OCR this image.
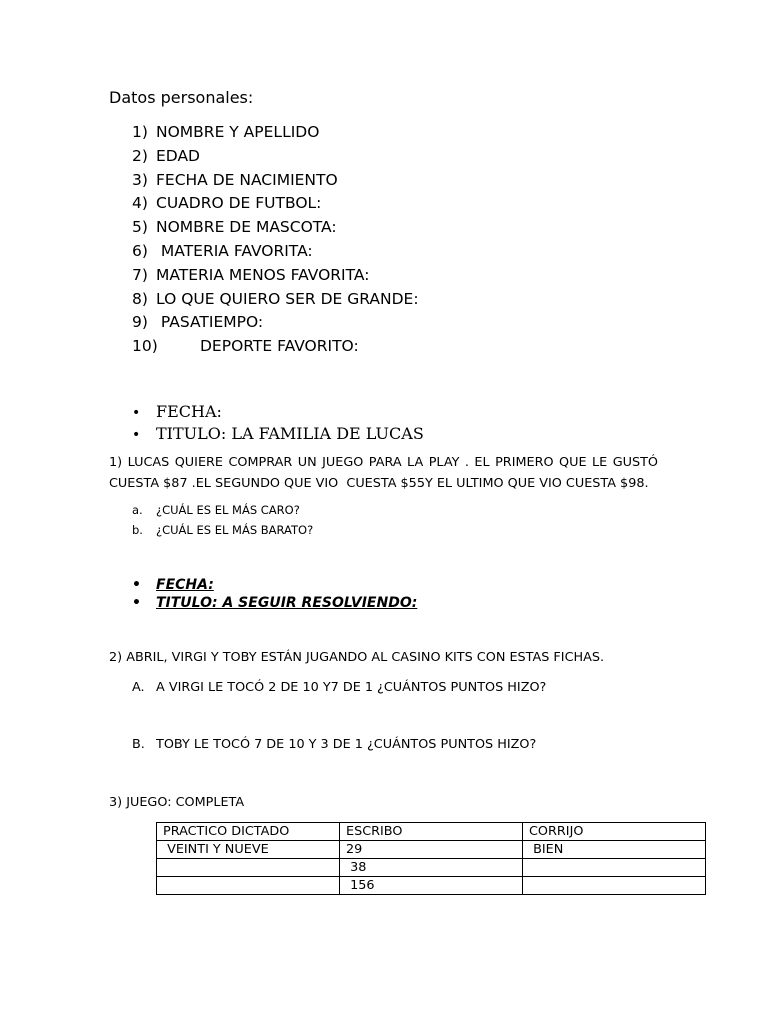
Datos personales:
1) NOMBRE Y APELLIDO
2) EDAD
3) FECHA DE NACIMIENTO
4) CUADRO DE FUTBOL:
5) NOMBRE DE MASCOTA:
6) MATERIA FAVORITA:
7) MATERIA MENOS FAVORITA:
8) LO QUE QUIERO SER DE GRANDE:
9) PASATIEMPO:
10)	DEPORTE FAVORITO:
• FECHA:
• TITULO: LA FAMILIA DE LUCAS
1) LUCAS QUIERE COMPRAR UN JUEGO PARA LA PLAY . EL PRIMERO QUE LE GUSTÓ
CUESTA $87 .EL SEGUNDO QUE VIO  CUESTA $55Y EL ULTIMO QUE VIO CUESTA $98.
a. ¿CUÁL ES EL MÁS CARO?
b. ¿CUÁL ES EL MÁS BARATO?
• FECHA:
• TITULO: A SEGUIR RESOLVIENDO:
2) ABRIL, VIRGI Y TOBY ESTÁN JUGANDO AL CASINO KITS CON ESTAS FICHAS.
A. A VIRGI LE TOCÓ 2 DE 10 Y7 DE 1 ¿CUÁNTOS PUNTOS HIZO?
B. TOBY LE TOCÓ 7 DE 10 Y 3 DE 1 ¿CUÁNTOS PUNTOS HIZO?
3) JUEGO: COMPLETA
PRACTICO DICTADO	ESCRIBO	CORRIJO
VEINTI Y NUEVE	29	BIEN
	38	
	156	
